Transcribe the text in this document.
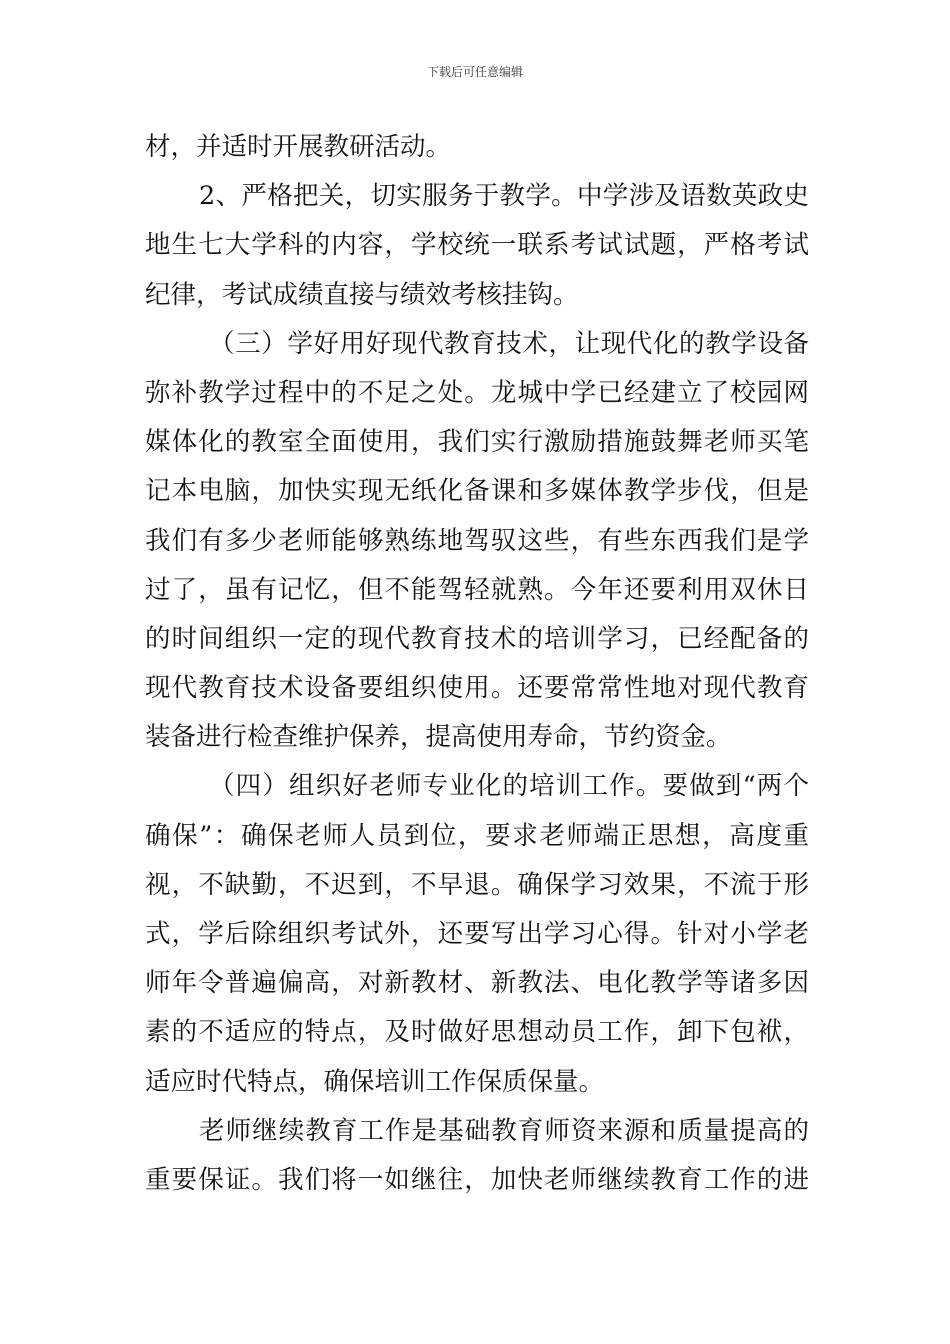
下载后可任意编辑
材，并适时开展教研活动。
2、严格把关，切实服务于教学。中学涉及语数英政史
地生七大学科的内容，学校统一联系考试试题，严格考试
纪律，考试成绩直接与绩效考核挂钩。
（三）学好用好现代教育技术，让现代化的教学设备
弥补教学过程中的不足之处。龙城中学已经建立了校园网
媒体化的教室全面使用，我们实行激励措施鼓舞老师买笔
记本电脑，加快实现无纸化备课和多媒体教学步伐，但是
我们有多少老师能够熟练地驾驭这些，有些东西我们是学
过了，虽有记忆，但不能驾轻就熟。今年还要利用双休日
的时间组织一定的现代教育技术的培训学习，已经配备的
现代教育技术设备要组织使用。还要常常性地对现代教育
装备进行检查维护保养，提高使用寿命，节约资金。
（四）组织好老师专业化的培训工作。要做到“两个
确保”：确保老师人员到位，要求老师端正思想，高度重
视，不缺勤，不迟到，不早退。确保学习效果，不流于形
式，学后除组织考试外，还要写出学习心得。针对小学老
师年令普遍偏高，对新教材、新教法、电化教学等诸多因
素的不适应的特点，及时做好思想动员工作，卸下包袱，
适应时代特点，确保培训工作保质保量。
老师继续教育工作是基础教育师资来源和质量提高的
重要保证。我们将一如继往，加快老师继续教育工作的进
